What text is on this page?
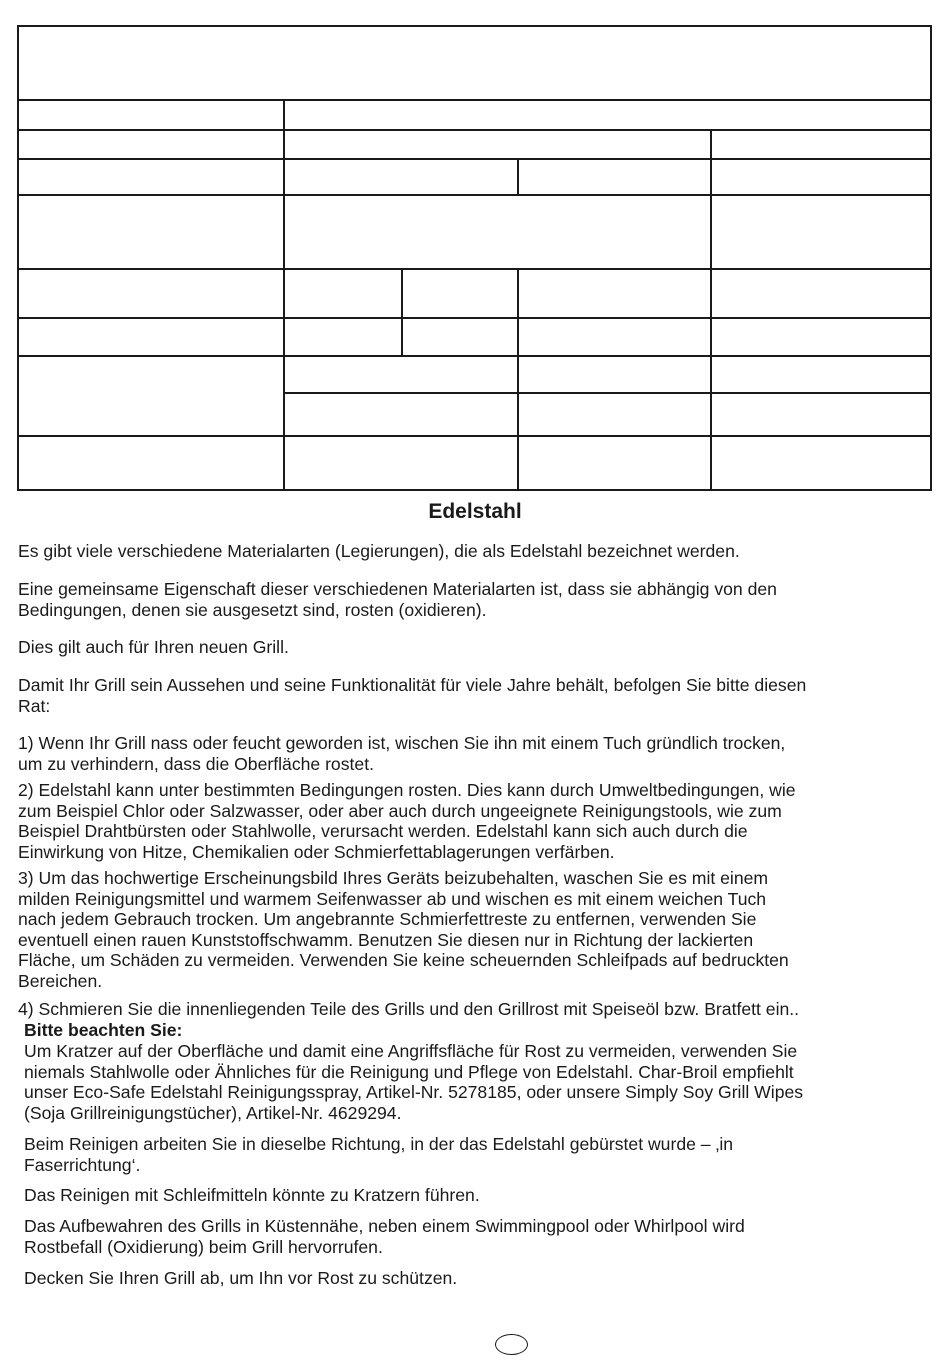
Edelstahl

Es gibt viele verschiedene Materialarten (Legierungen), die als Edelstahl bezeichnet werden.

Eine gemeinsame Eigenschaft dieser verschiedenen Materialarten ist, dass sie abhängig von den
Bedingungen, denen sie ausgesetzt sind, rosten (oxidieren).

Dies gilt auch für Ihren neuen Grill.

Damit Ihr Grill sein Aussehen und seine Funktionalität für viele Jahre behält, befolgen Sie bitte diesen
Rat:

1) Wenn Ihr Grill nass oder feucht geworden ist, wischen Sie ihn mit einem Tuch gründlich trocken,
um zu verhindern, dass die Oberfläche rostet.

2) Edelstahl kann unter bestimmten Bedingungen rosten. Dies kann durch Umweltbedingungen, wie
zum Beispiel Chlor oder Salzwasser, oder aber auch durch ungeeignete Reinigungstools, wie zum
Beispiel Drahtbürsten oder Stahlwolle, verursacht werden. Edelstahl kann sich auch durch die
Einwirkung von Hitze, Chemikalien oder Schmierfettablagerungen verfärben.

3) Um das hochwertige Erscheinungsbild Ihres Geräts beizubehalten, waschen Sie es mit einem
milden Reinigungsmittel und warmem Seifenwasser ab und wischen es mit einem weichen Tuch
nach jedem Gebrauch trocken. Um angebrannte Schmierfettreste zu entfernen, verwenden Sie
eventuell einen rauen Kunststoffschwamm. Benutzen Sie diesen nur in Richtung der lackierten
Fläche, um Schäden zu vermeiden. Verwenden Sie keine scheuernden Schleifpads auf bedruckten
Bereichen.

4) Schmieren Sie die innenliegenden Teile des Grills und den Grillrost mit Speiseöl bzw. Bratfett ein..

Bitte beachten Sie:

Um Kratzer auf der Oberfläche und damit eine Angriffsfläche für Rost zu vermeiden, verwenden Sie
niemals Stahlwolle oder Ähnliches für die Reinigung und Pflege von Edelstahl. Char-Broil empfiehlt
unser Eco-Safe Edelstahl Reinigungsspray, Artikel-Nr. 5278185, oder unsere Simply Soy Grill Wipes
(Soja Grillreinigungstücher), Artikel-Nr. 4629294.

Beim Reinigen arbeiten Sie in dieselbe Richtung, in der das Edelstahl gebürstet wurde – ‚in
Faserrichtung‘.

Das Reinigen mit Schleifmitteln könnte zu Kratzern führen.

Das Aufbewahren des Grills in Küstennähe, neben einem Swimmingpool oder Whirlpool wird
Rostbefall (Oxidierung) beim Grill hervorrufen.

Decken Sie Ihren Grill ab, um Ihn vor Rost zu schützen.
